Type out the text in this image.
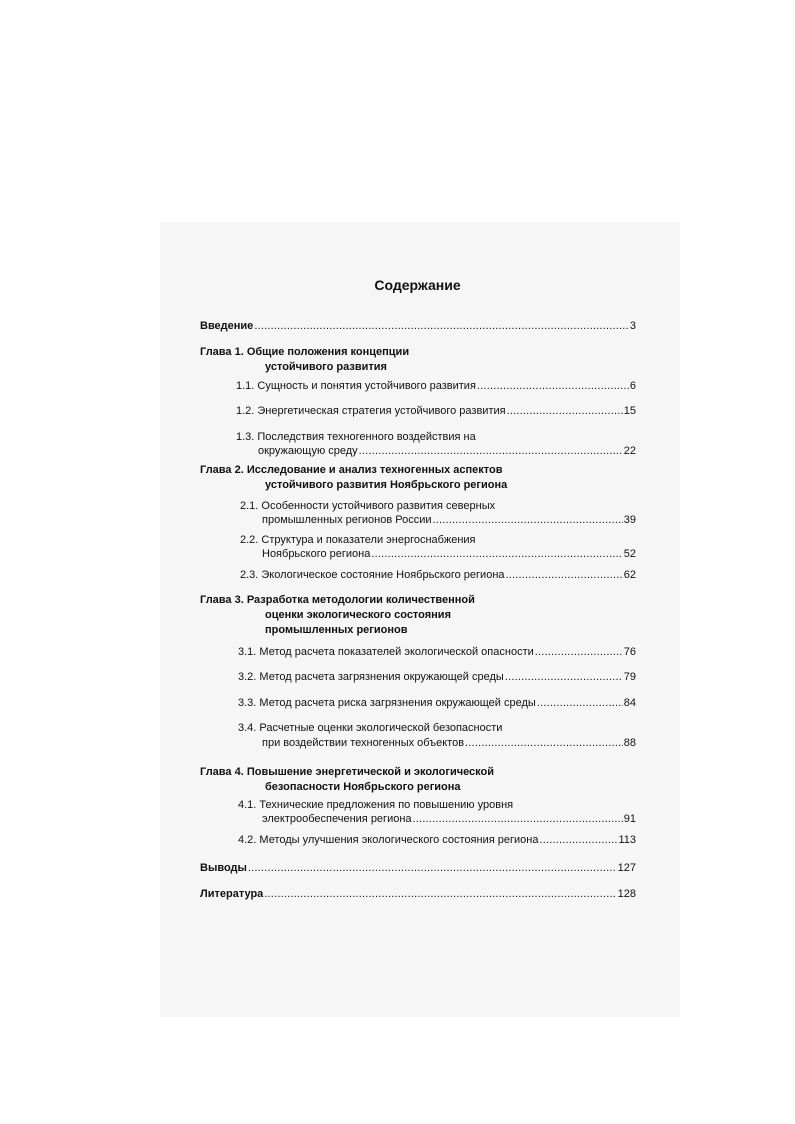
Содержание
Введение .....	3
Глава 1. Общие положения концепции
устойчивого развития
1.1. Сущность и понятия устойчивого развития .....	6
1.2. Энергетическая стратегия устойчивого развития .....	15
1.3. Последствия техногенного воздействия на
окружающую среду .....	22
Глава 2. Исследование и анализ техногенных аспектов
устойчивого развития Ноябрьского региона
2.1. Особенности устойчивого развития северных
промышленных регионов России .....	39
2.2. Структура и показатели энергоснабжения
Ноябрьского региона .....	52
2.3. Экологическое состояние Ноябрьского региона .....	62
Глава 3. Разработка методологии количественной
оценки экологического состояния
промышленных регионов
3.1. Метод расчета показателей экологической опасности .....	76
3.2. Метод расчета загрязнения окружающей среды .....	79
3.3. Метод расчета риска загрязнения окружающей среды .....	84
3.4. Расчетные оценки экологической безопасности
при воздействии техногенных объектов .....	88
Глава 4. Повышение энергетической и экологической
безопасности Ноябрьского региона
4.1. Технические предложения по повышению уровня
электрообеспечения региона .....	91
4.2. Методы улучшения экологического состояния региона .....	113
Выводы .....	127
Литература .....	128
